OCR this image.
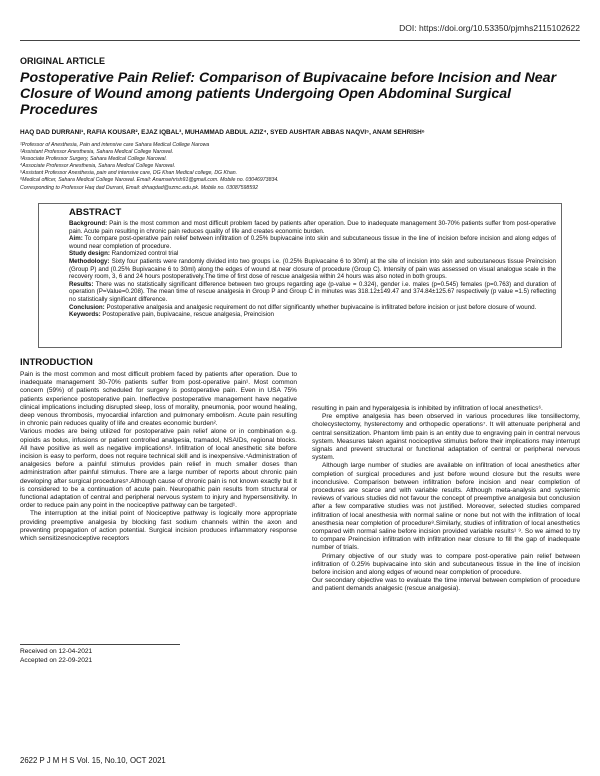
DOI: https://doi.org/10.53350/pjmhs2115102622
ORIGINAL ARTICLE
Postoperative Pain Relief: Comparison of Bupivacaine before Incision and Near Closure of Wound among patients Undergoing Open Abdominal Surgical Procedures
HAQ DAD DURRANI¹, RAFIA KOUSAR², EJAZ IQBAL³, MUHAMMAD ABDUL AZIZ⁴, SYED AUSHTAR ABBAS NAQVI⁵, ANAM SEHRISH⁶
¹Professor of Anesthesia, Pain and intensive care Sahara Medical College Narowa
²Assistant Professor Anesthesia, Sahara Medical College Narowal.
³Associate Professor Surgery, Sahara Medical College Narowal.
⁴Associate Professor Anesthesia, Sahara Medical College Narowal.
⁵Assistant Professor Anesthesia, pain and intensive care, DG Khan Medical college, DG Khan.
⁶Medical officer, Sahara Medical College Narowal. Email: Anamsehrish91@gmail.com. Mobile no. 03046973834.
Corresponding to Professor Haq dad Durrani, Email: drhaqdad@szmc.edu.pk. Mobile no. 03087598592
ABSTRACT
Background: Pain is the most common and most difficult problem faced by patients after operation. Due to inadequate management 30-70% patients suffer from post-operative pain. Acute pain resulting in chronic pain reduces quality of life and creates economic burden.
Aim: To compare post-operative pain relief between infiltration of 0.25% bupivacaine into skin and subcutaneous tissue in the line of incision before incision and along edges of wound near completion of procedure.
Study design: Randomized control trial
Methodology: Sixty four patients were randomly divided into two groups i.e. (0.25% Bupivacaine 6 to 30ml) at the site of incision into skin and subcutaneous tissue Preincision (Group P) and (0.25% Bupivacaine 6 to 30ml) along the edges of wound at near closure of procedure (Group C). Intensity of pain was assessed on visual analogue scale in the recovery room, 3, 6 and 24 hours postoperatively.The time of first dose of rescue analgesia within 24 hours was also noted in both groups.
Results: There was no statistically significant difference between two groups regarding age (p-value = 0.324), gender i.e. males (p=0.545) females (p=0.763) and duration of operation (P=Value=0.208). The mean time of rescue analgesia in Group P and Group C in minutes was 318.12±149.47 and 374.84±125.67 respectively (p value =1.5) reflecting no statistically significant difference.
Conclusion: Postoperative analgesia and analgesic requirement do not differ significantly whether bupivacaine is infiltrated before incision or just before closure of wound.
Keywords: Postoperative pain, bupivacaine, rescue analgesia, Preincision
INTRODUCTION

Pain is the most common and most difficult problem faced by patients after operation. Due to inadequate management 30-70% patients suffer from post-operative pain¹. Most common concern (59%) of patients scheduled for surgery is postoperative pain. Even in USA 75% patients experience postoperative pain. Ineffective postoperative management have negative clinical implications including disrupted sleep, loss of morality, pneumonia, poor wound healing, deep venous thrombosis, myocardial infarction and pulmonary embolism. Acute pain resulting in chronic pain reduces quality of life and creates economic burden².

Various modes are being utilized for postoperative pain relief alone or in combination e.g. opioids as bolus, infusions or patient controlled analgesia, tramadol, NSAIDs, regional blocks. All have positive as well as negative implications³. Infiltration of local anesthetic site before incision is easy to perform, does not require technical skill and is inexpensive.⁴Administration of analgesics before a painful stimulus provides pain relief in much smaller doses than administration after painful stimulus. There are a large number of reports about chronic pain developing after surgical procedures⁵.Although cause of chronic pain is not known exactly but it is considered to be a continuation of acute pain. Neuropathic pain results from structural or functional adaptation of central and peripheral nervous system to injury and hypersensitivity. In order to reduce pain any point in the nociceptive pathway can be targeted¹.

The interruption at the initial point of Nociceptive pathway is logically more appropriate providing preemptive analgesia by blocking fast sodium channels within the axon and preventing propagation of action potential. Surgical incision produces inflammatory response which sensitizesnociceptive receptors

resulting in pain and hyperalgesia is inhibited by infiltration of local anesthetics⁶.

Pre emptive analgesia has been observed in various procedures like tonsillectomy, cholecystectomy, hysterectomy and orthopedic operations⁷. It will attenuate peripheral and central sensitization. Phantom limb pain is an entity due to engraving pain in central nervous system. Measures taken against nociceptive stimulus before their implications may interrupt signals and prevent structural or functional adaptation of central or peripheral nervous system.

Although large number of studies are available on infiltration of local anesthetics after completion of surgical procedures and just before wound closure but the results were inconclusive. Comparison between infiltration before incision and near completion of procedures are scarce and with variable results. Although meta-analysis and systemic reviews of various studies did not favour the concept of preemptive analgesia but conclusion after a few comparative studies was not justified. Moreover, selected studies compared infiltration of local anesthesia with normal saline or none but not with the infiltration of local anesthesia near completion of procedure⁸.Similarly, studies of infiltration of local anesthetics compared with normal saline before incision provided variable results¹ ⁹. So we aimed to try to compare Preincision infiltration with infiltration near closure to fill the gap of inadequate number of trials.

Primary objective of our study was to compare post-operative pain relief between infiltration of 0.25% bupivacaine into skin and subcutaneous tissue in the line of incision before incision and along edges of wound near completion of procedure.

Our secondary objective was to evaluate the time interval between completion of procedure and patient demands analgesic (rescue analgesia).

Received on 12-04-2021
Accepted on 22-09-2021
2622 P J M H S Vol. 15, No.10, OCT 2021
